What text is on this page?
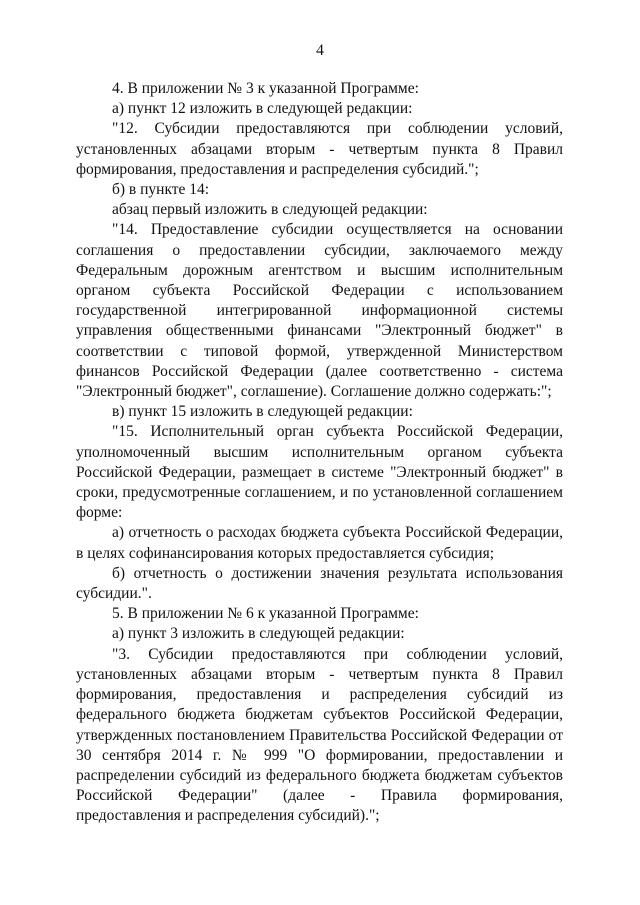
4

4. В приложении № 3 к указанной Программе:

а) пункт 12 изложить в следующей редакции:

"12. Субсидии предоставляются при соблюдении условий, установленных абзацами вторым - четвертым пункта 8 Правил формирования, предоставления и распределения субсидий.";

б) в пункте 14:

абзац первый изложить в следующей редакции:

"14. Предоставление субсидии осуществляется на основании соглашения о предоставлении субсидии, заключаемого между Федеральным дорожным агентством и высшим исполнительным органом субъекта Российской Федерации с использованием государственной интегрированной информационной системы управления общественными финансами "Электронный бюджет" в соответствии с типовой формой, утвержденной Министерством финансов Российской Федерации (далее соответственно - система "Электронный бюджет", соглашение). Соглашение должно содержать:";

в) пункт 15 изложить в следующей редакции:

"15. Исполнительный орган субъекта Российской Федерации, уполномоченный высшим исполнительным органом субъекта Российской Федерации, размещает в системе "Электронный бюджет" в сроки, предусмотренные соглашением, и по установленной соглашением форме:

а) отчетность о расходах бюджета субъекта Российской Федерации, в целях софинансирования которых предоставляется субсидия;

б) отчетность о достижении значения результата использования субсидии.".

5. В приложении № 6 к указанной Программе:

а) пункт 3 изложить в следующей редакции:

"3. Субсидии предоставляются при соблюдении условий, установленных абзацами вторым - четвертым пункта 8 Правил формирования, предоставления и распределения субсидий из федерального бюджета бюджетам субъектов Российской Федерации, утвержденных постановлением Правительства Российской Федерации от 30 сентября 2014 г. № 999 "О формировании, предоставлении и распределении субсидий из федерального бюджета бюджетам субъектов Российской Федерации" (далее - Правила формирования, предоставления и распределения субсидий).";
